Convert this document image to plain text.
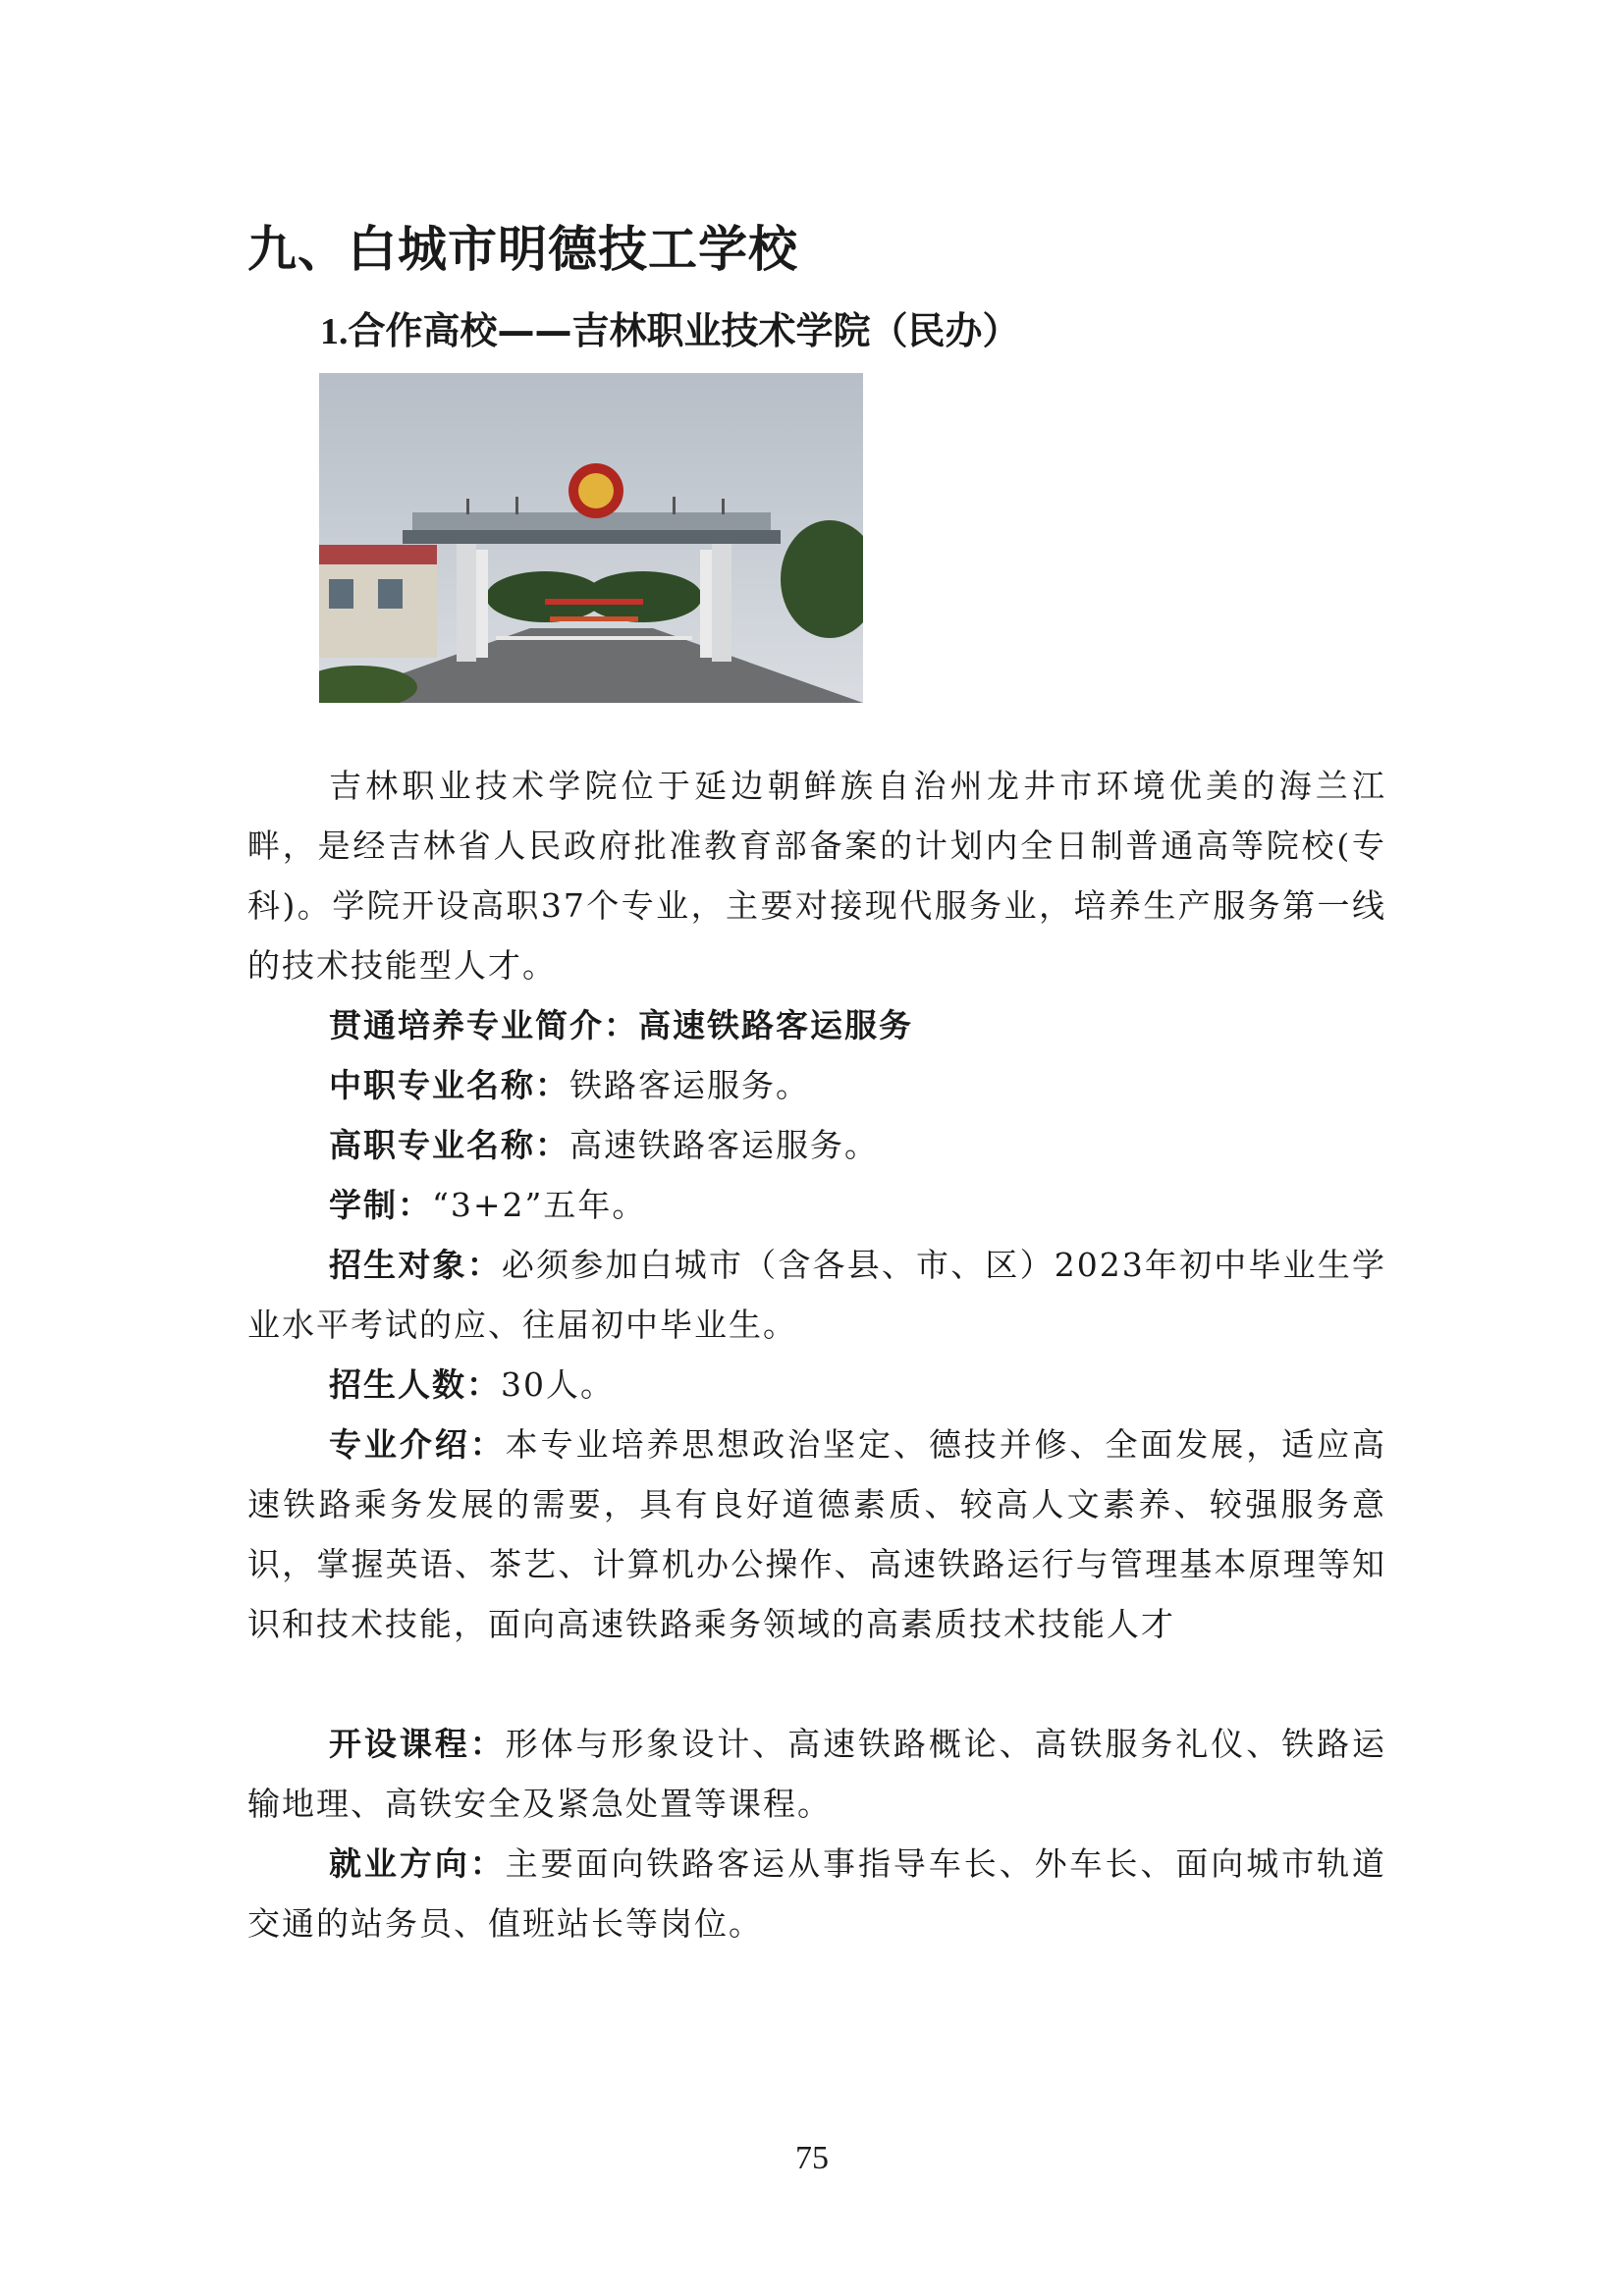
九、白城市明德技工学校
1.合作高校——吉林职业技术学院（民办）

吉林职业技术学院位于延边朝鲜族自治州龙井市环境优美的海兰江畔，是经吉林省人民政府批准教育部备案的计划内全日制普通高等院校(专科)。学院开设高职37个专业，主要对接现代服务业，培养生产服务第一线的技术技能型人才。

贯通培养专业简介：高速铁路客运服务

中职专业名称：铁路客运服务。

高职专业名称：高速铁路客运服务。

学制：“3+2”五年。

招生对象：必须参加白城市（含各县、市、区）2023年初中毕业生学业水平考试的应、往届初中毕业生。

招生人数：30人。

专业介绍：本专业培养思想政治坚定、德技并修、全面发展，适应高速铁路乘务发展的需要，具有良好道德素质、较高人文素养、较强服务意识，掌握英语、茶艺、计算机办公操作、高速铁路运行与管理基本原理等知识和技术技能，面向高速铁路乘务领域的高素质技术技能人才

开设课程：形体与形象设计、高速铁路概论、高铁服务礼仪、铁路运输地理、高铁安全及紧急处置等课程。

就业方向：主要面向铁路客运从事指导车长、外车长、面向城市轨道交通的站务员、值班站长等岗位。

75
